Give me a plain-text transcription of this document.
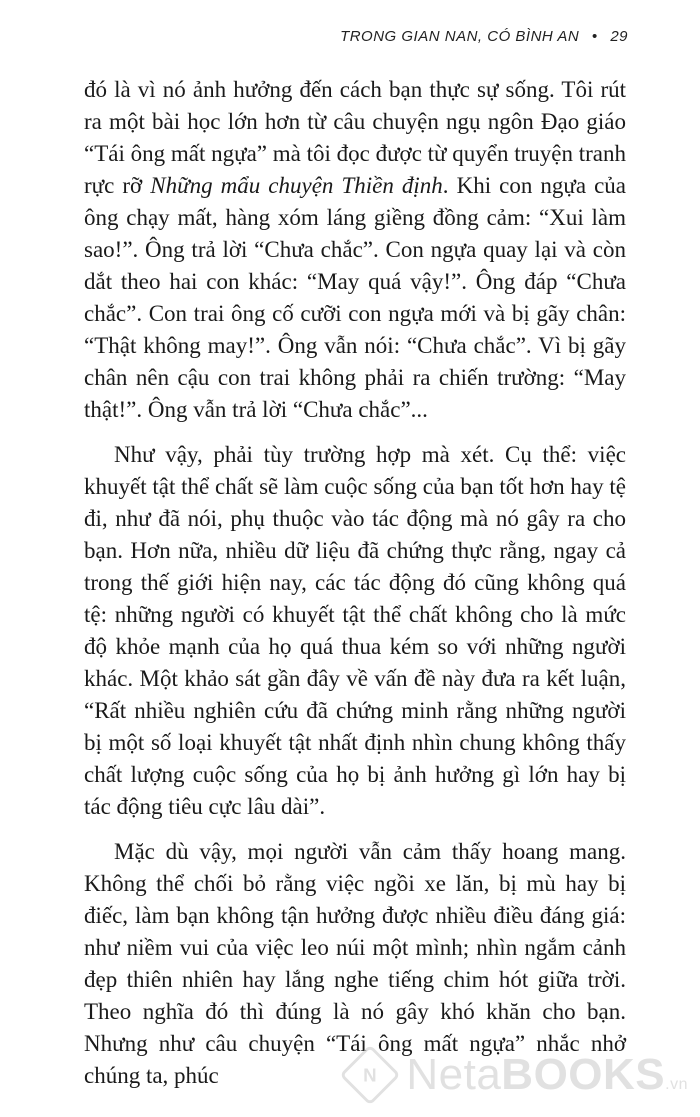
TRONG GIAN NAN, CÓ BÌNH AN • 29

đó là vì nó ảnh hưởng đến cách bạn thực sự sống. Tôi rút ra một bài học lớn hơn từ câu chuyện ngụ ngôn Đạo giáo “Tái ông mất ngựa” mà tôi đọc được từ quyển truyện tranh rực rỡ Những mẩu chuyện Thiền định. Khi con ngựa của ông chạy mất, hàng xóm láng giềng đồng cảm: “Xui làm sao!”. Ông trả lời “Chưa chắc”. Con ngựa quay lại và còn dắt theo hai con khác: “May quá vậy!”. Ông đáp “Chưa chắc”. Con trai ông cố cưỡi con ngựa mới và bị gãy chân: “Thật không may!”. Ông vẫn nói: “Chưa chắc”. Vì bị gãy chân nên cậu con trai không phải ra chiến trường: “May thật!”. Ông vẫn trả lời “Chưa chắc”...

Như vậy, phải tùy trường hợp mà xét. Cụ thể: việc khuyết tật thể chất sẽ làm cuộc sống của bạn tốt hơn hay tệ đi, như đã nói, phụ thuộc vào tác động mà nó gây ra cho bạn. Hơn nữa, nhiều dữ liệu đã chứng thực rằng, ngay cả trong thế giới hiện nay, các tác động đó cũng không quá tệ: những người có khuyết tật thể chất không cho là mức độ khỏe mạnh của họ quá thua kém so với những người khác. Một khảo sát gần đây về vấn đề này đưa ra kết luận, “Rất nhiều nghiên cứu đã chứng minh rằng những người bị một số loại khuyết tật nhất định nhìn chung không thấy chất lượng cuộc sống của họ bị ảnh hưởng gì lớn hay bị tác động tiêu cực lâu dài”.

Mặc dù vậy, mọi người vẫn cảm thấy hoang mang. Không thể chối bỏ rằng việc ngồi xe lăn, bị mù hay bị điếc, làm bạn không tận hưởng được nhiều điều đáng giá: như niềm vui của việc leo núi một mình; nhìn ngắm cảnh đẹp thiên nhiên hay lắng nghe tiếng chim hót giữa trời. Theo nghĩa đó thì đúng là nó gây khó khăn cho bạn. Nhưng như câu chuyện “Tái ông mất ngựa” nhắc nhở chúng ta, phúc	N NetaBOOKS.vn
